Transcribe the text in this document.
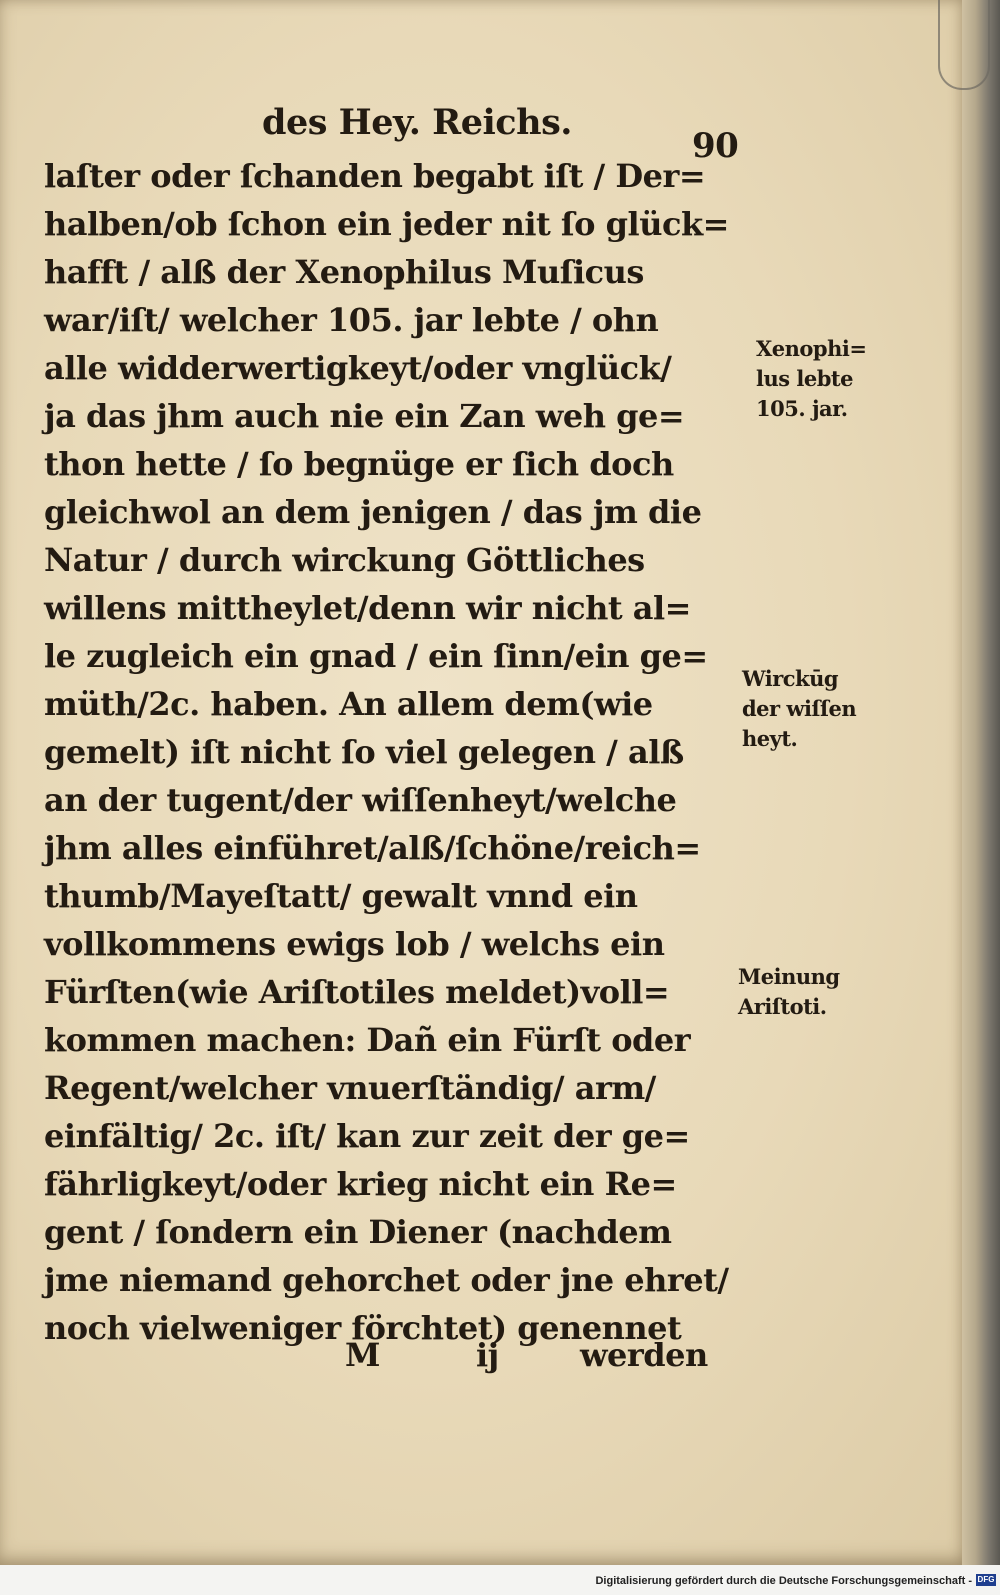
des Hey. Reichs.
90
laſter oder ſchanden begabt iſt / Der=
halben/ob ſchon ein jeder nit ſo glück=
hafft / alß der Xenophilus Muſicus
war/iſt/ welcher 105. jar lebte / ohn
alle widderwertigkeyt/oder vnglück/
ja das jhm auch nie ein Zan weh ge=
thon hette / ſo begnüge er ſich doch
gleichwol an dem jenigen / das jm die
Natur / durch wirckung Göttliches
willens mittheylet/denn wir nicht al=
le zugleich ein gnad / ein ſinn/ein ge=
müth/2c. haben. An allem dem(wie
gemelt) iſt nicht ſo viel gelegen / alß
an der tugent/der wiſſenheyt/welche
jhm alles einführet/alß/ſchöne/reich=
thumb/Mayeſtatt/ gewalt vnnd ein
vollkommens ewigs lob / welchs ein
Fürſten(wie Ariſtotiles meldet)voll=
kommen machen: Dañ ein Fürſt oder
Regent/welcher vnuerſtändig/ arm/
einfältig/ 2c. iſt/ kan zur zeit der ge=
fährligkeyt/oder krieg nicht ein Re=
gent / ſondern ein Diener (nachdem
jme niemand gehorchet oder jne ehret/
noch vielweniger förchtet) genennet
Xenophi=
lus lebte
105. jar.
Wirckūg
der wiſſen
heyt.
Meinung
Ariſtoti.
M	ij	werden
Digitalisierung gefördert durch die Deutsche Forschungsgemeinschaft - DFG
